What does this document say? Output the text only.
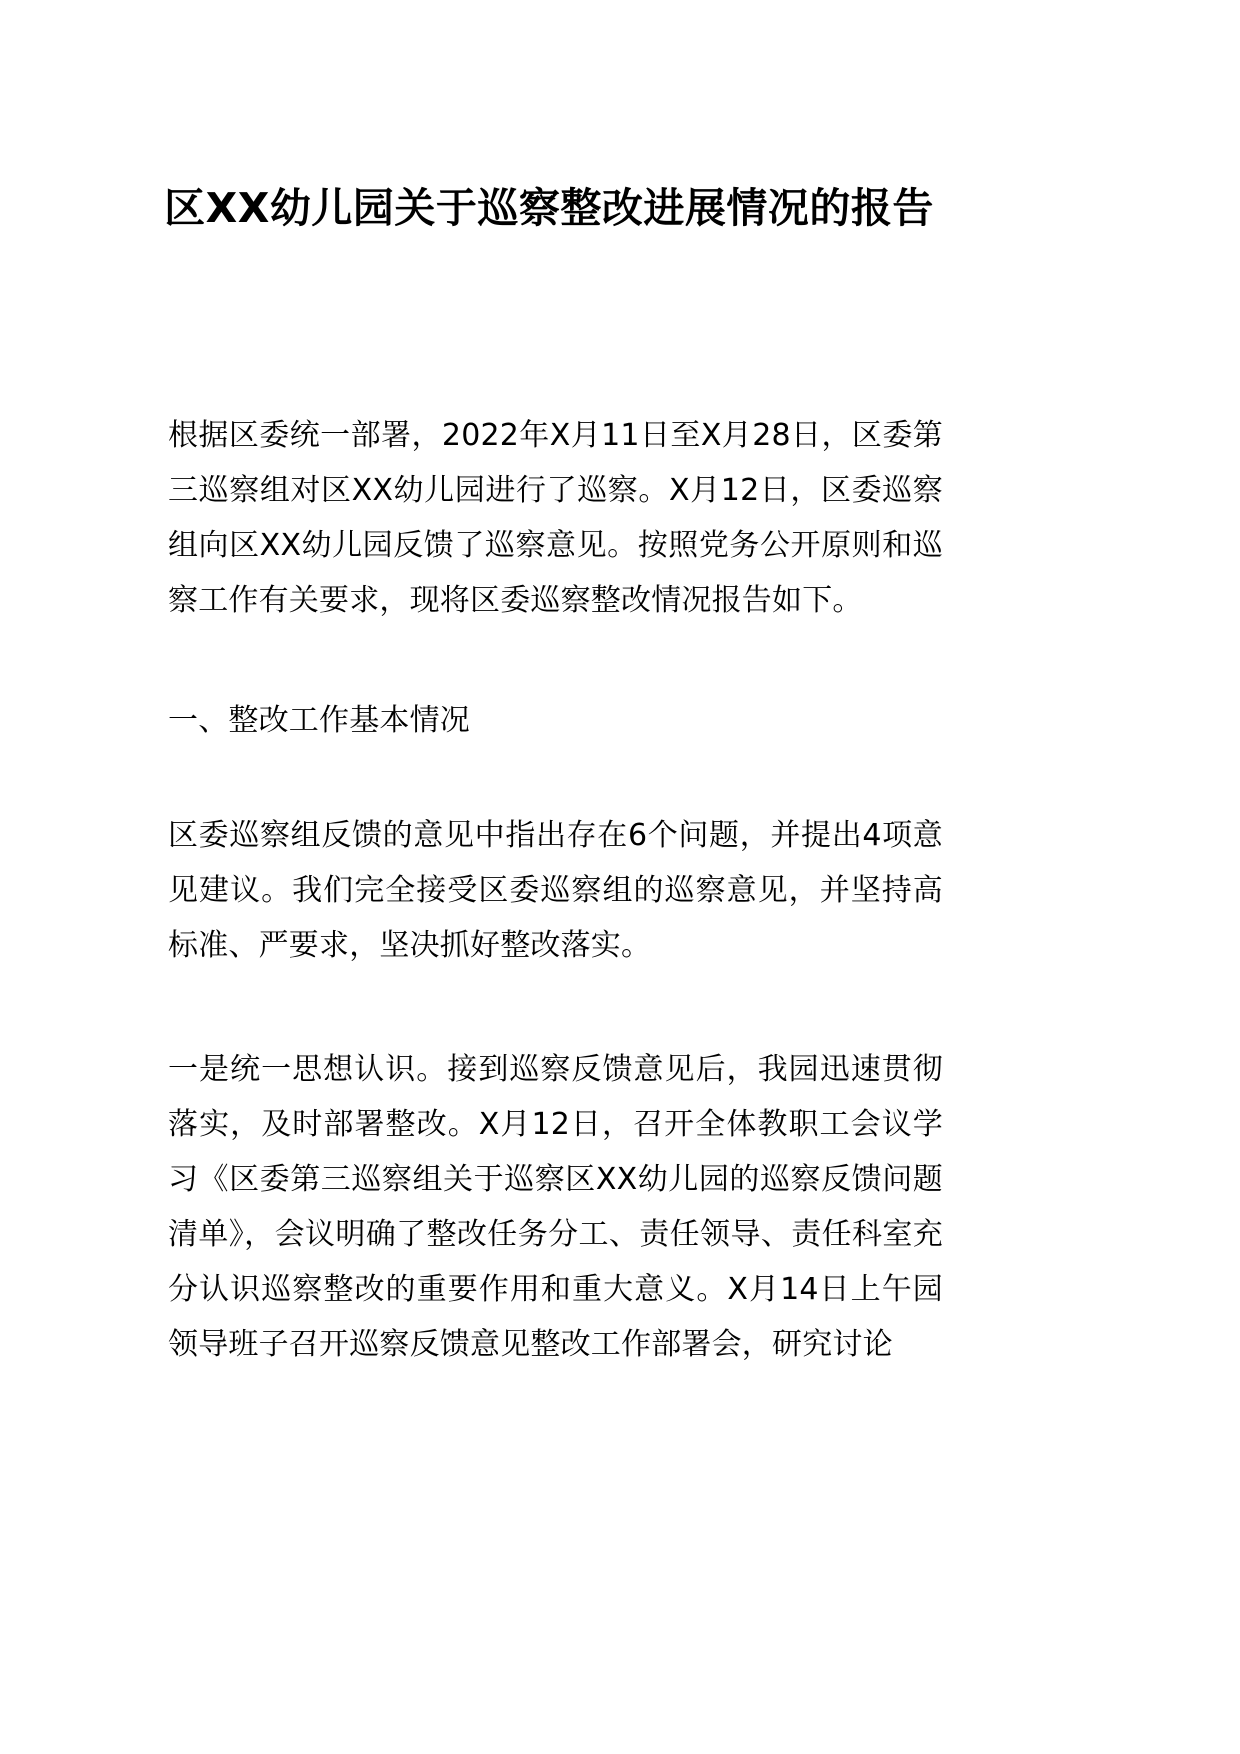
区XX幼儿园关于巡察整改进展情况的报告
根据区委统一部署，2022年X月11日至X月28日，区委第三巡察组对区XX幼儿园进行了巡察。X月12日，区委巡察组向区XX幼儿园反馈了巡察意见。按照党务公开原则和巡察工作有关要求，现将区委巡察整改情况报告如下。
一、整改工作基本情况
区委巡察组反馈的意见中指出存在6个问题，并提出4项意见建议。我们完全接受区委巡察组的巡察意见，并坚持高标准、严要求，坚决抓好整改落实。
一是统一思想认识。接到巡察反馈意见后，我园迅速贯彻落实，及时部署整改。X月12日，召开全体教职工会议学习《区委第三巡察组关于巡察区XX幼儿园的巡察反馈问题清单》，会议明确了整改任务分工、责任领导、责任科室充分认识巡察整改的重要作用和重大意义。X月14日上午园领导班子召开巡察反馈意见整改工作部署会，研究讨论
